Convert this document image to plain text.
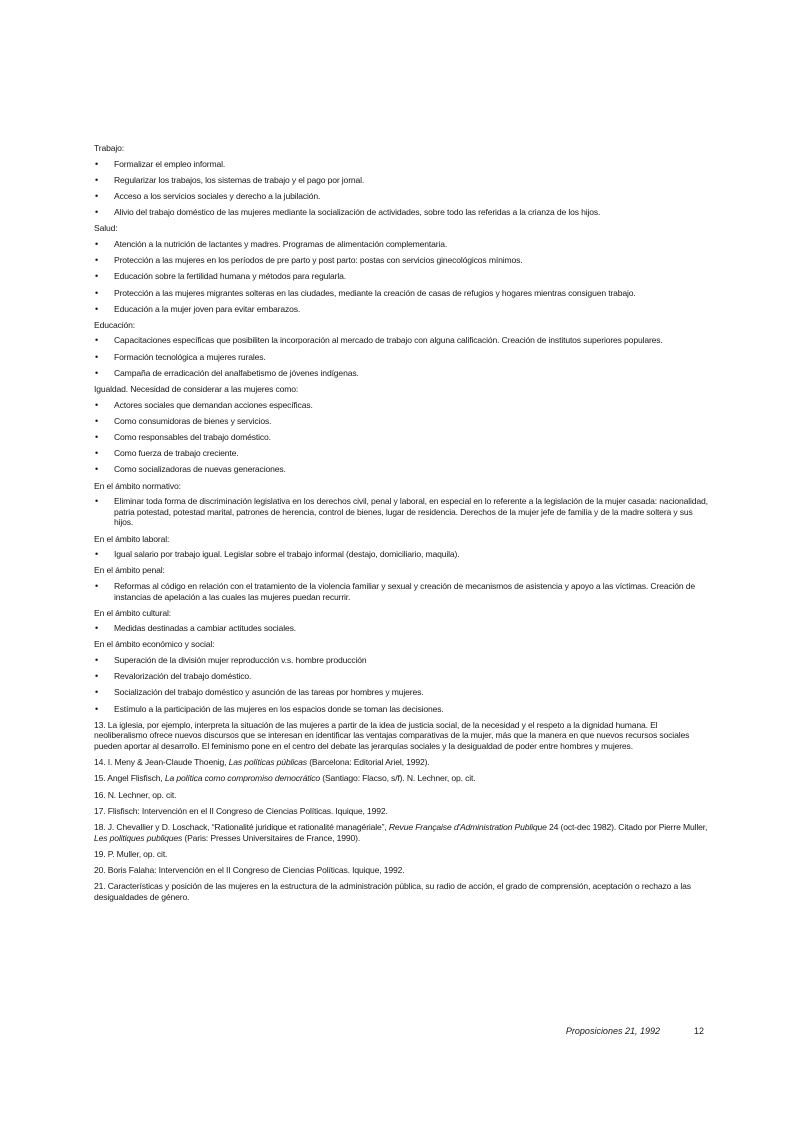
Trabajo:
• Formalizar el empleo informal.
• Regularizar los trabajos, los sistemas de trabajo y el pago por jornal.
• Acceso a los servicios sociales y derecho a la jubilación.
• Alivio del trabajo doméstico de las mujeres mediante la socialización de actividades, sobre todo las referidas a la crianza de los hijos.
Salud:
• Atención a la nutrición de lactantes y madres. Programas de alimentación complementaria.
• Protección a las mujeres en los períodos de pre parto y post parto: postas con servicios ginecológicos mínimos.
• Educación sobre la fertilidad humana y métodos para regularla.
• Protección a las mujeres migrantes solteras en las ciudades, mediante la creación de casas de refugios y hogares mientras consiguen trabajo.
• Educación a la mujer joven para evitar embarazos.
Educación:
• Capacitaciones específicas que posibiliten la incorporación al mercado de trabajo con alguna calificación. Creación de institutos superiores populares.
• Formación tecnológica a mujeres rurales.
• Campaña de erradicación del analfabetismo de jóvenes indígenas.
Igualdad. Necesidad de considerar a las mujeres como:
• Actores sociales que demandan acciones específicas.
• Como consumidoras de bienes y servicios.
• Como responsables del trabajo doméstico.
• Como fuerza de trabajo creciente.
• Como socializadoras de nuevas generaciones.
En el ámbito normativo:
• Eliminar toda forma de discriminación legislativa en los derechos civil, penal y laboral, en especial en lo referente a la legislación de la mujer casada: nacionalidad, patria potestad, potestad marital, patrones de herencia, control de bienes, lugar de residencia. Derechos de la mujer jefe de familia y de la madre soltera y sus hijos.
En el ámbito laboral:
• Igual salario por trabajo igual. Legislar sobre el trabajo informal (destajo, domiciliario, maquila).
En el ámbito penal:
• Reformas al código en relación con el tratamiento de la violencia familiar y sexual y creación de mecanismos de asistencia y apoyo a las víctimas. Creación de instancias de apelación a las cuales las mujeres puedan recurrir.
En el ámbito cultural:
• Medidas destinadas a cambiar actitudes sociales.
En el ámbito económico y social:
• Superación de la división mujer reproducción v.s. hombre producción
• Revalorización del trabajo doméstico.
• Socialización del trabajo doméstico y asunción de las tareas por hombres y mujeres.
• Estímulo a la participación de las mujeres en los espacios donde se toman las decisiones.
13. La iglesia, por ejemplo, interpreta la situación de las mujeres a partir de la idea de justicia social, de la necesidad y el respeto a la dignidad humana. El neoliberalismo ofrece nuevos discursos que se interesan en identificar las ventajas comparativas de la mujer, más que la manera en que nuevos recursos sociales pueden aportar al desarrollo. El feminismo pone en el centro del debate las jerarquías sociales y la desigualdad de poder entre hombres y mujeres.
14. I. Meny & Jean-Claude Thoenig, Las políticas públicas (Barcelona: Editorial Ariel, 1992).
15. Angel Flisfisch, La política como compromiso democrático (Santiago: Flacso, s/f). N. Lechner, op. cit.
16. N. Lechner, op. cit.
17. Flisfisch: Intervención en el II Congreso de Ciencias Políticas. Iquique, 1992.
18. J. Chevallier y D. Loschack, “Rationalité juridique et rationalité managériale”, Revue Française d'Administration Publique 24 (oct-dec 1982). Citado por Pierre Muller, Les politiques publiques (Paris: Presses Universitaires de France, 1990).
19. P. Muller, op. cit.
20. Boris Falaha: Intervención en el II Congreso de Ciencias Políticas. Iquique, 1992.
21. Características y posición de las mujeres en la estructura de la administración pública, su radio de acción, el grado de comprensión, aceptación o rechazo a las desigualdades de género.
Proposiciones 21, 1992	12
